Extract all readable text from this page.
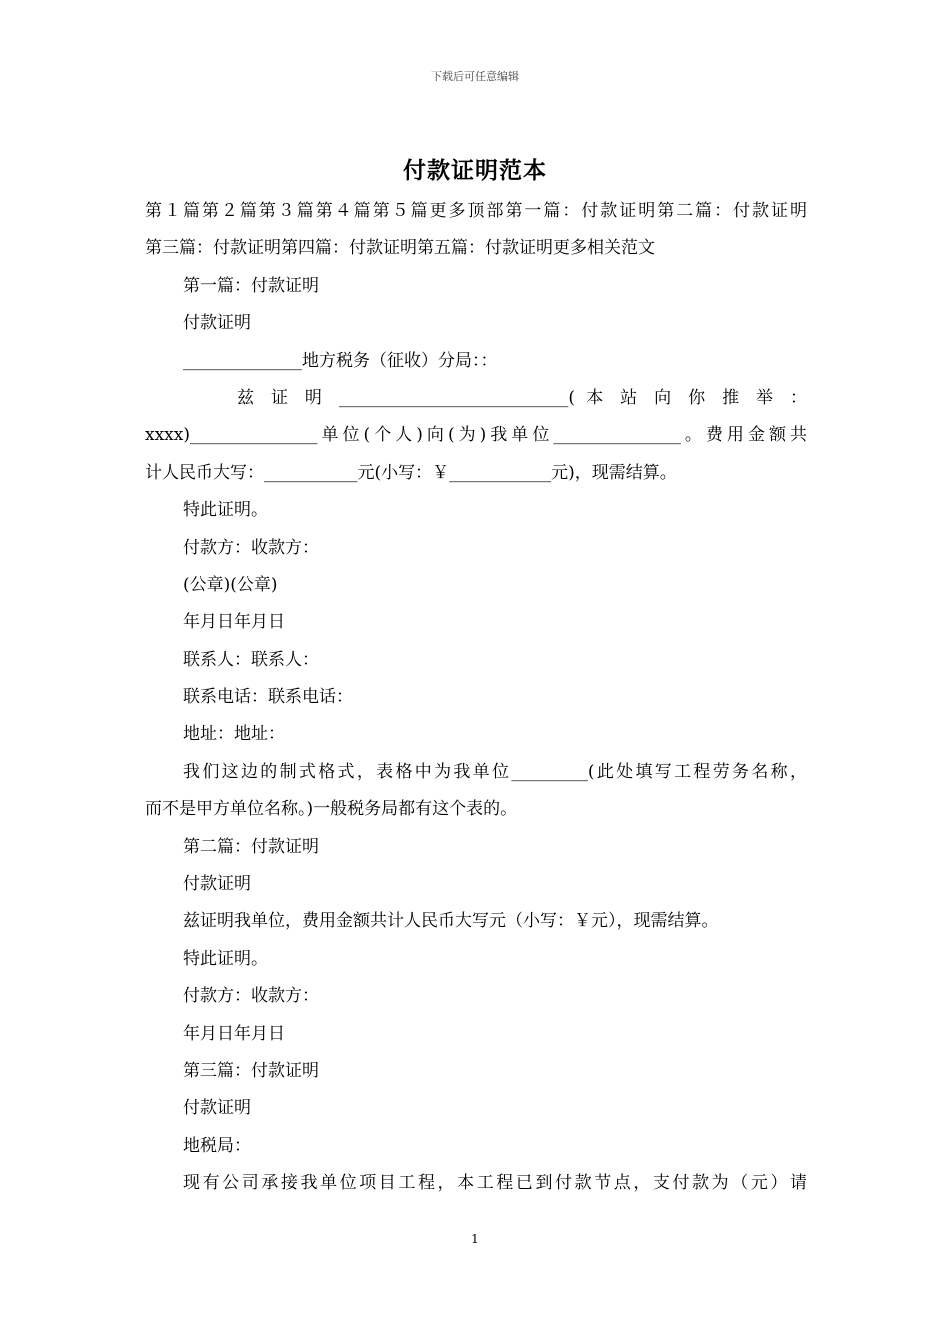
下载后可任意编辑
付款证明范本
第１篇第２篇第３篇第４篇第５篇更多顶部第一篇：付款证明第二篇：付款证明
第三篇：付款证明第四篇：付款证明第五篇：付款证明更多相关范文
第一篇：付款证明
付款证明
______________地方税务（征收）分局：：
兹 证 明 ___________________________( 本 站 向 你 推 举 ：
xxxx)_______________单位(个人)向(为)我单位_______________。费用金额共
计人民币大写：___________元(小写：￥____________元)，现需结算。
特此证明。
付款方：收款方：
(公章)(公章)
年月日年月日
联系人：联系人：
联系电话：联系电话：
地址：地址：
我们这边的制式格式，表格中为我单位_________(此处填写工程劳务名称，
而不是甲方单位名称。)一般税务局都有这个表的。
第二篇：付款证明
付款证明
兹证明我单位，费用金额共计人民币大写元（小写：￥元），现需结算。
特此证明。
付款方：收款方：
年月日年月日
第三篇：付款证明
付款证明
地税局：
现有公司承接我单位项目工程，本工程已到付款节点，支付款为（元）请
1
